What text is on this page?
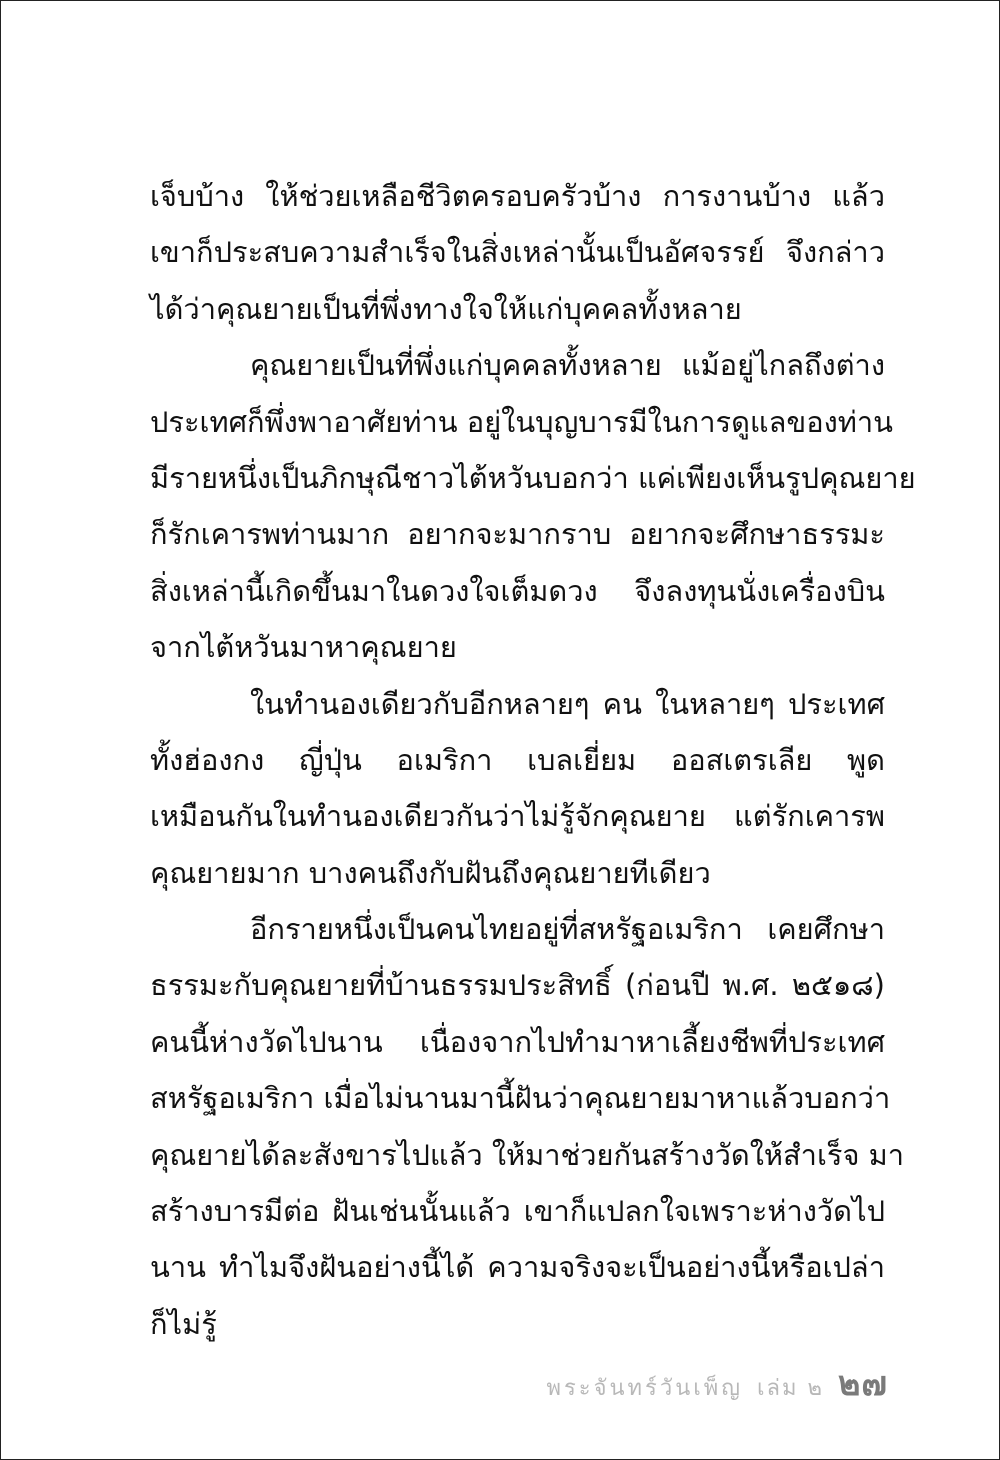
เจ็บบ้าง ให้ช่วยเหลือชีวิตครอบครัวบ้าง การงานบ้าง แล้ว
เขาก็ประสบความสำเร็จในสิ่งเหล่านั้นเป็นอัศจรรย์ จึงกล่าว
ได้ว่าคุณยายเป็นที่พึ่งทางใจให้แก่บุคคลทั้งหลาย
คุณยายเป็นที่พึ่งแก่บุคคลทั้งหลาย แม้อยู่ไกลถึงต่าง
ประเทศก็พึ่งพาอาศัยท่าน อยู่ในบุญบารมีในการดูแลของท่าน
มีรายหนึ่งเป็นภิกษุณีชาวไต้หวันบอกว่า แค่เพียงเห็นรูปคุณยาย
ก็รักเคารพท่านมาก อยากจะมากราบ อยากจะศึกษาธรรมะ
สิ่งเหล่านี้เกิดขึ้นมาในดวงใจเต็มดวง จึงลงทุนนั่งเครื่องบิน
จากไต้หวันมาหาคุณยาย
ในทำนองเดียวกับอีกหลายๆ คน ในหลายๆ ประเทศ
ทั้งฮ่องกง ญี่ปุ่น อเมริกา เบลเยี่ยม ออสเตรเลีย พูด
เหมือนกันในทำนองเดียวกันว่าไม่รู้จักคุณยาย แต่รักเคารพ
คุณยายมาก บางคนถึงกับฝันถึงคุณยายทีเดียว
อีกรายหนึ่งเป็นคนไทยอยู่ที่สหรัฐอเมริกา เคยศึกษา
ธรรมะกับคุณยายที่บ้านธรรมประสิทธิ์ (ก่อนปี พ.ศ. ๒๕๑๘)
คนนี้ห่างวัดไปนาน เนื่องจากไปทำมาหาเลี้ยงชีพที่ประเทศ
สหรัฐอเมริกา เมื่อไม่นานมานี้ฝันว่าคุณยายมาหาแล้วบอกว่า
คุณยายได้ละสังขารไปแล้ว ให้มาช่วยกันสร้างวัดให้สำเร็จ มา
สร้างบารมีต่อ ฝันเช่นนั้นแล้ว เขาก็แปลกใจเพราะห่างวัดไป
นาน ทำไมจึงฝันอย่างนี้ได้ ความจริงจะเป็นอย่างนี้หรือเปล่า
ก็ไม่รู้
พระจันทร์วันเพ็ญ เล่ม ๒ ๒๗
